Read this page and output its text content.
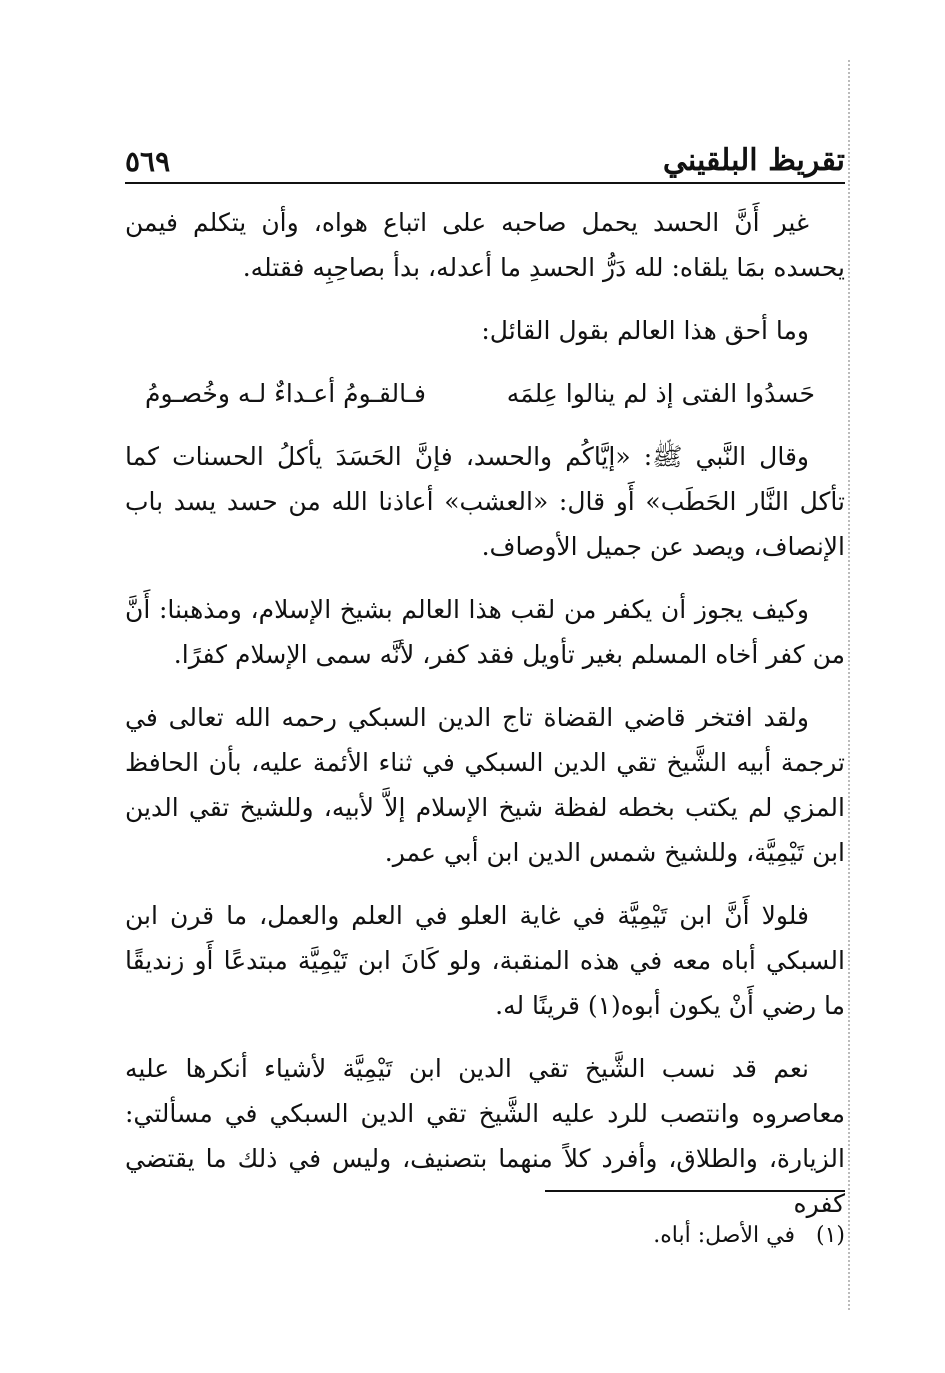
تقريظ البلقيني
٥٦٩

غير أَنَّ الحسد يحمل صاحبه على اتباع هواه، وأن يتكلم فيمن يحسده بمَا يلقاه: لله دَرُّ الحسدِ ما أعدله، بدأ بصاحِبِه فقتله.

وما أحق هذا العالم بقول القائل:

حَسدُوا الفتى إذ لم ينالوا عِلمَه
فـالقـومُ أعـداءٌ لـه وخُصـومُ

وقال النَّبي ﷺ: «إيَّاكُم والحسد، فإنَّ الحَسَدَ يأكلُ الحسنات كما تأكل النَّار الحَطَب» أَو قال: «العشب» أعاذنا الله من حسد يسد باب الإنصاف، ويصد عن جميل الأوصاف.

وكيف يجوز أن يكفر من لقب هذا العالم بشيخ الإسلام، ومذهبنا: أَنَّ من كفر أخاه المسلم بغير تأويل فقد كفر، لأنَّه سمى الإسلام كفرًا.

ولقد افتخر قاضي القضاة تاج الدين السبكي رحمه الله تعالى في ترجمة أبيه الشَّيخ تقي الدين السبكي في ثناء الأئمة عليه، بأن الحافظ المزي لم يكتب بخطه لفظة شيخ الإسلام إلاَّ لأبيه، وللشيخ تقي الدين ابن تَيْمِيَّة، وللشيخ شمس الدين ابن أبي عمر.

فلولا أَنَّ ابن تَيْمِيَّة في غاية العلو في العلم والعمل، ما قرن ابن السبكي أباه معه في هذه المنقبة، ولو كَانَ ابن تَيْمِيَّة مبتدعًا أَو زنديقًا ما رضي أَنْ يكون أبوه(١) قرينًا له.

نعم قد نسب الشَّيخ تقي الدين ابن تَيْمِيَّة لأشياء أنكرها عليه معاصروه وانتصب للرد عليه الشَّيخ تقي الدين السبكي في مسألتي: الزيارة، والطلاق، وأفرد كلاً منهما بتصنيف، وليس في ذلك ما يقتضي كفره

(١) في الأصل: أباه.
